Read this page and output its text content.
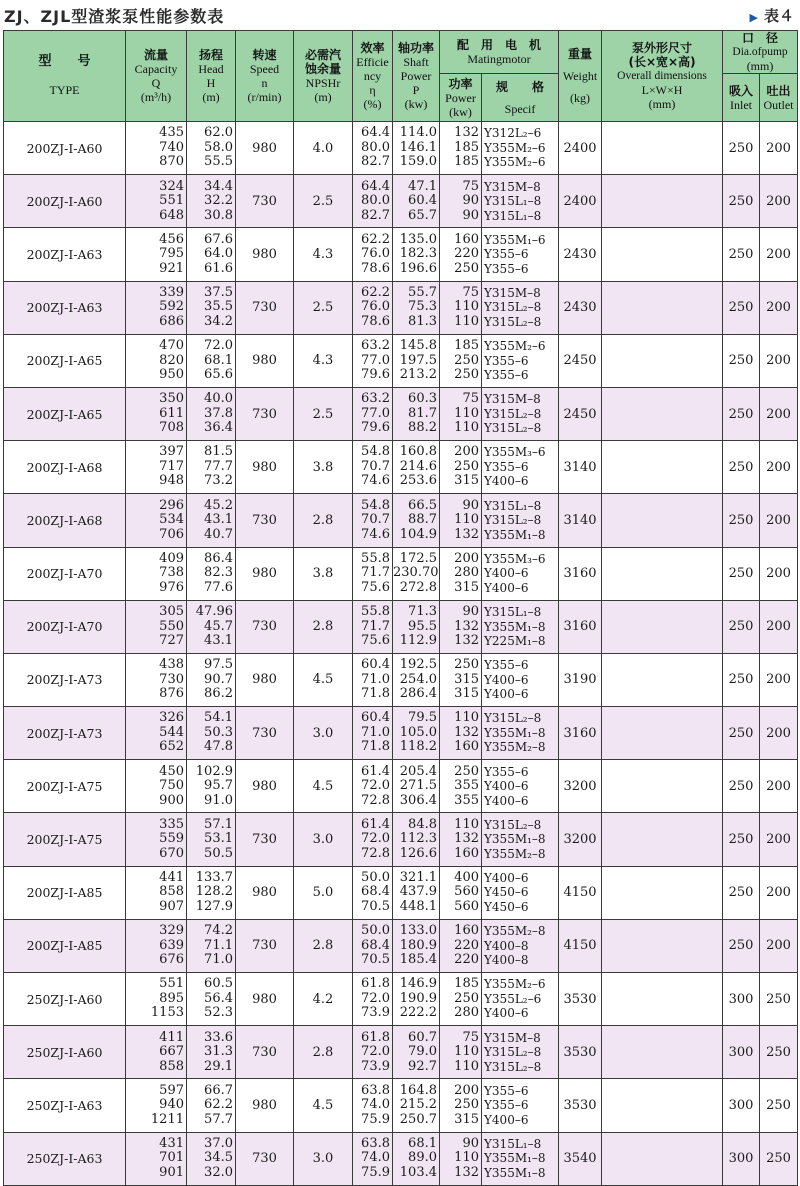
ZJ、ZJL型渣浆泵性能参数表	▶ 表４
型　　号
TYPE	流量
Capacity
Q
(m³/h)	扬程
Head
H
(m)	转速
Speed
n
(r/min)	必需汽蚀余量
NPSHr
(m)	效率
Efficiency
η
(%)	轴功率
Shaft Power
P
(kw)	配　用　电　机
Matingmotor		重量
Weight
(kg)	泵外形尺寸
(长×宽×高)
Overall dimensions
L×W×H
(mm)	口　径
Dia.ofpump
(mm)	

							功率
Power
(kw)	规　　格
Specif			吸入
Inlet	吐出
Outlet

200ZJ-I-A60	435
740
870	62.0
58.0
55.5	980	4.0	64.4
80.0
82.7	114.0
146.1
159.0	132
185
185	Y312L₂–6
Y355M₂–6
Y355M₂–6	2400		250	200
200ZJ-I-A60	324
551
648	34.4
32.2
30.8	730	2.5	64.4
80.0
82.7	47.1
60.4
65.7	75
90
90	Y315M–8
Y315L₁–8
Y315L₁–8	2400		250	200
200ZJ-I-A63	456
795
921	67.6
64.0
61.6	980	4.3	62.2
76.0
78.6	135.0
182.3
196.6	160
220
250	Y355M₁–6
Y355–6
Y355–6	2430		250	200
200ZJ-I-A63	339
592
686	37.5
35.5
34.2	730	2.5	62.2
76.0
78.6	55.7
75.3
81.3	75
110
110	Y315M–8
Y315L₂–8
Y315L₂–8	2430		250	200
200ZJ-I-A65	470
820
950	72.0
68.1
65.6	980	4.3	63.2
77.0
79.6	145.8
197.5
213.2	185
250
250	Y355M₂–6
Y355–6
Y355–6	2450		250	200
200ZJ-I-A65	350
611
708	40.0
37.8
36.4	730	2.5	63.2
77.0
79.6	60.3
81.7
88.2	75
110
110	Y315M–8
Y315L₂–8
Y315L₂–8	2450		250	200
200ZJ-I-A68	397
717
948	81.5
77.7
73.2	980	3.8	54.8
70.7
74.6	160.8
214.6
253.6	200
250
315	Y355M₃–6
Y355–6
Y400–6	3140		250	200
200ZJ-I-A68	296
534
706	45.2
43.1
40.7	730	2.8	54.8
70.7
74.6	66.5
88.7
104.9	90
110
132	Y315L₁–8
Y315L₂–8
Y355M₁–8	3140		250	200
200ZJ-I-A70	409
738
976	86.4
82.3
77.6	980	3.8	55.8
71.7
75.6	172.5
230.70
272.8	200
280
315	Y355M₃–6
Y400–6
Y400–6	3160		250	200
200ZJ-I-A70	305
550
727	47.96
45.7
43.1	730	2.8	55.8
71.7
75.6	71.3
95.5
112.9	90
132
132	Y315L₁–8
Y355M₁–8
Y225M₁–8	3160		250	200
200ZJ-I-A73	438
730
876	97.5
90.7
86.2	980	4.5	60.4
71.0
71.8	192.5
254.0
286.4	250
315
315	Y355–6
Y400–6
Y400–6	3190		250	200
200ZJ-I-A73	326
544
652	54.1
50.3
47.8	730	3.0	60.4
71.0
71.8	79.5
105.0
118.2	110
132
160	Y315L₂–8
Y355M₁–8
Y355M₂–8	3160		250	200
200ZJ-I-A75	450
750
900	102.9
95.7
91.0	980	4.5	61.4
72.0
72.8	205.4
271.5
306.4	250
355
355	Y355–6
Y400–6
Y400–6	3200		250	200
200ZJ-I-A75	335
559
670	57.1
53.1
50.5	730	3.0	61.4
72.0
72.8	84.8
112.3
126.6	110
132
160	Y315L₂–8
Y355M₁–8
Y355M₂–8	3200		250	200
200ZJ-I-A85	441
858
907	133.7
128.2
127.9	980	5.0	50.0
68.4
70.5	321.1
437.9
448.1	400
560
560	Y400–6
Y450–6
Y450–6	4150		250	200
200ZJ-I-A85	329
639
676	74.2
71.1
71.0	730	2.8	50.0
68.4
70.5	133.0
180.9
185.4	160
220
220	Y355M₂–8
Y400–8
Y400–8	4150		250	200
250ZJ-I-A60	551
895
1153	60.5
56.4
52.3	980	4.2	61.8
72.0
73.9	146.9
190.9
222.2	185
250
280	Y355M₂–6
Y355L₂–6
Y400–6	3530		300	250
250ZJ-I-A60	411
667
858	33.6
31.3
29.1	730	2.8	61.8
72.0
73.9	60.7
79.0
92.7	75
110
110	Y315M–8
Y315L₂–8
Y315L₂–8	3530		300	250
250ZJ-I-A63	597
940
1211	66.7
62.2
57.7	980	4.5	63.8
74.0
75.9	164.8
215.2
250.7	200
250
315	Y355–6
Y355–6
Y400–6	3530		300	250
250ZJ-I-A63	431
701
901	37.0
34.5
32.0	730	3.0	63.8
74.0
75.9	68.1
89.0
103.4	90
110
132	Y315L₁–8
Y355M₁–8
Y355M₁–8	3540		300	250
